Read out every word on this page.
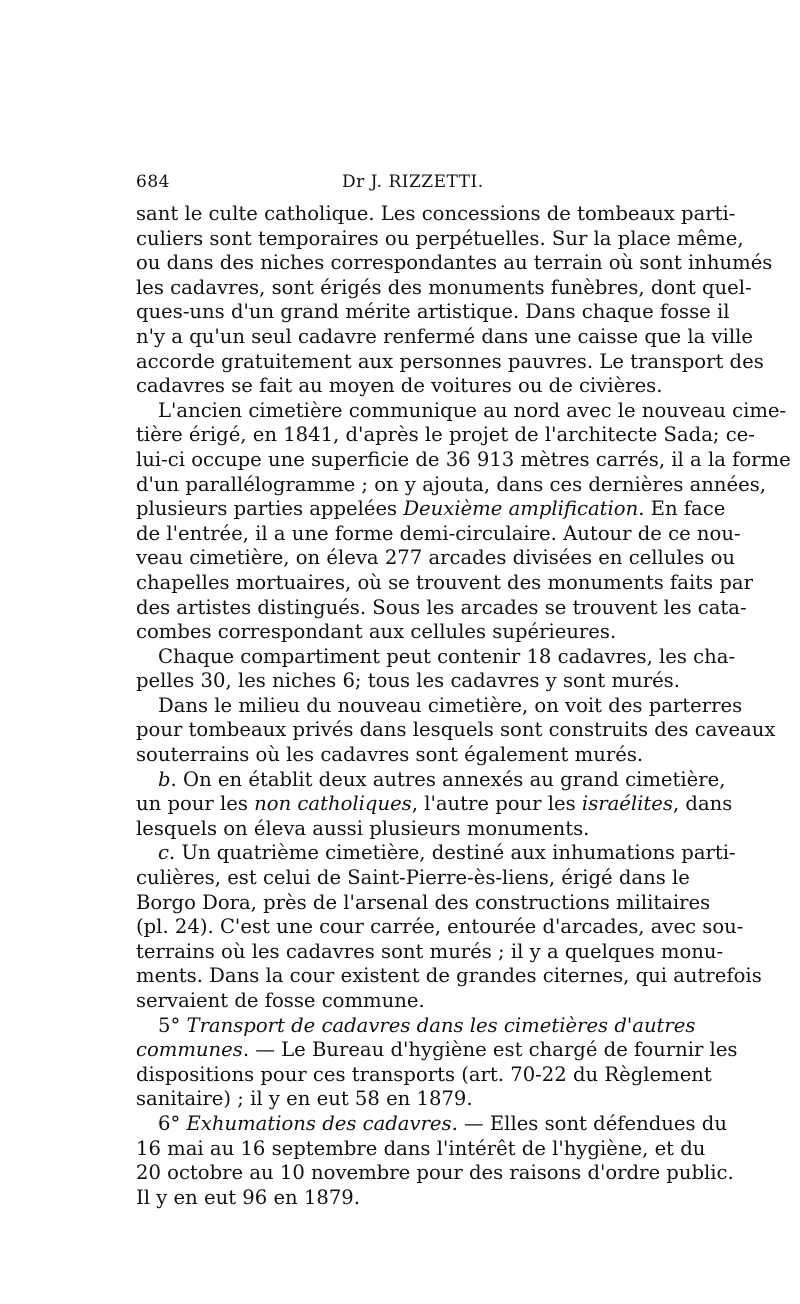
684	Dr J. RIZZETTI.
sant le culte catholique. Les concessions de tombeaux parti-
culiers sont temporaires ou perpétuelles. Sur la place même,
ou dans des niches correspondantes au terrain où sont inhumés
les cadavres, sont érigés des monuments funèbres, dont quel-
ques-uns d'un grand mérite artistique. Dans chaque fosse il
n'y a qu'un seul cadavre renfermé dans une caisse que la ville
accorde gratuitement aux personnes pauvres. Le transport des
cadavres se fait au moyen de voitures ou de civières.
L'ancien cimetière communique au nord avec le nouveau cime-
tière érigé, en 1841, d'après le projet de l'architecte Sada; ce-
lui-ci occupe une superficie de 36 913 mètres carrés, il a la forme
d'un parallélogramme ; on y ajouta, dans ces dernières années,
plusieurs parties appelées Deuxième amplification. En face
de l'entrée, il a une forme demi-circulaire. Autour de ce nou-
veau cimetière, on éleva 277 arcades divisées en cellules ou
chapelles mortuaires, où se trouvent des monuments faits par
des artistes distingués. Sous les arcades se trouvent les cata-
combes correspondant aux cellules supérieures.
Chaque compartiment peut contenir 18 cadavres, les cha-
pelles 30, les niches 6; tous les cadavres y sont murés.
Dans le milieu du nouveau cimetière, on voit des parterres
pour tombeaux privés dans lesquels sont construits des caveaux
souterrains où les cadavres sont également murés.
b. On en établit deux autres annexés au grand cimetière,
un pour les non catholiques, l'autre pour les israélites, dans
lesquels on éleva aussi plusieurs monuments.
c. Un quatrième cimetière, destiné aux inhumations parti-
culières, est celui de Saint-Pierre-ès-liens, érigé dans le
Borgo Dora, près de l'arsenal des constructions militaires
(pl. 24). C'est une cour carrée, entourée d'arcades, avec sou-
terrains où les cadavres sont murés ; il y a quelques monu-
ments. Dans la cour existent de grandes citernes, qui autrefois
servaient de fosse commune.
5° Transport de cadavres dans les cimetières d'autres
communes. — Le Bureau d'hygiène est chargé de fournir les
dispositions pour ces transports (art. 70-22 du Règlement
sanitaire) ; il y en eut 58 en 1879.
6° Exhumations des cadavres. — Elles sont défendues du
16 mai au 16 septembre dans l'intérêt de l'hygiène, et du
20 octobre au 10 novembre pour des raisons d'ordre public.
Il y en eut 96 en 1879.
